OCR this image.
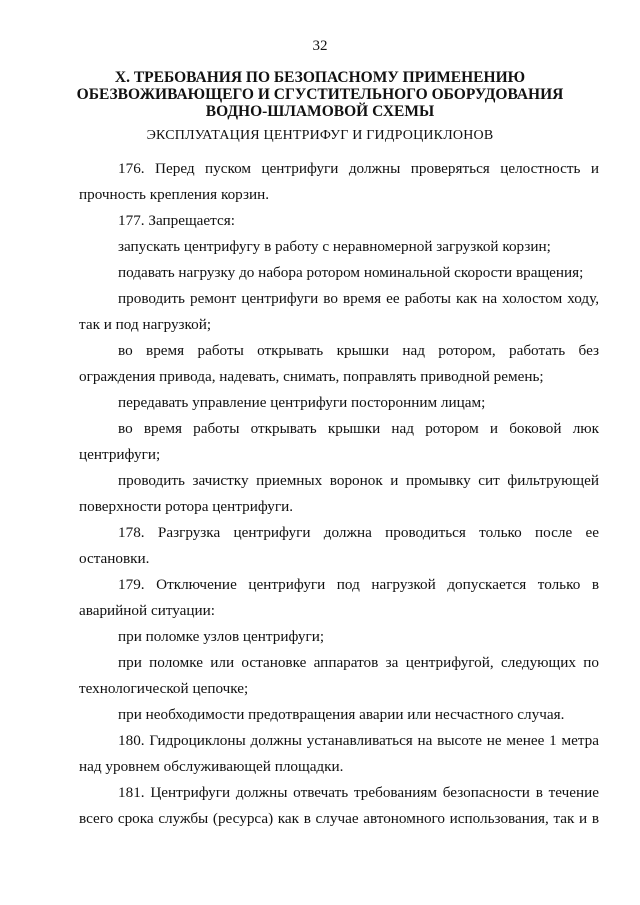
32
X. ТРЕБОВАНИЯ ПО БЕЗОПАСНОМУ ПРИМЕНЕНИЮ
ОБЕЗВОЖИВАЮЩЕГО И СГУСТИТЕЛЬНОГО ОБОРУДОВАНИЯ
ВОДНО-ШЛАМОВОЙ СХЕМЫ
ЭКСПЛУАТАЦИЯ ЦЕНТРИФУГ И ГИДРОЦИКЛОНОВ

176. Перед пуском центрифуги должны проверяться целостность и прочность крепления корзин.

177. Запрещается:

запускать центрифугу в работу с неравномерной загрузкой корзин;

подавать нагрузку до набора ротором номинальной скорости вращения;

проводить ремонт центрифуги во время ее работы как на холостом ходу, так и под нагрузкой;

во время работы открывать крышки над ротором, работать без ограждения привода, надевать, снимать, поправлять приводной ремень;

передавать управление центрифуги посторонним лицам;

во время работы открывать крышки над ротором и боковой люк центрифуги;

проводить зачистку приемных воронок и промывку сит фильтрующей поверхности ротора центрифуги.

178. Разгрузка центрифуги должна проводиться только после ее остановки.

179. Отключение центрифуги под нагрузкой допускается только в аварийной ситуации:

при поломке узлов центрифуги;

при поломке или остановке аппаратов за центрифугой, следующих по технологической цепочке;

при необходимости предотвращения аварии или несчастного случая.

180. Гидроциклоны должны устанавливаться на высоте не менее 1 метра над уровнем обслуживающей площадки.

181. Центрифуги должны отвечать требованиям безопасности в течение всего срока службы (ресурса) как в случае автономного использования, так и в
